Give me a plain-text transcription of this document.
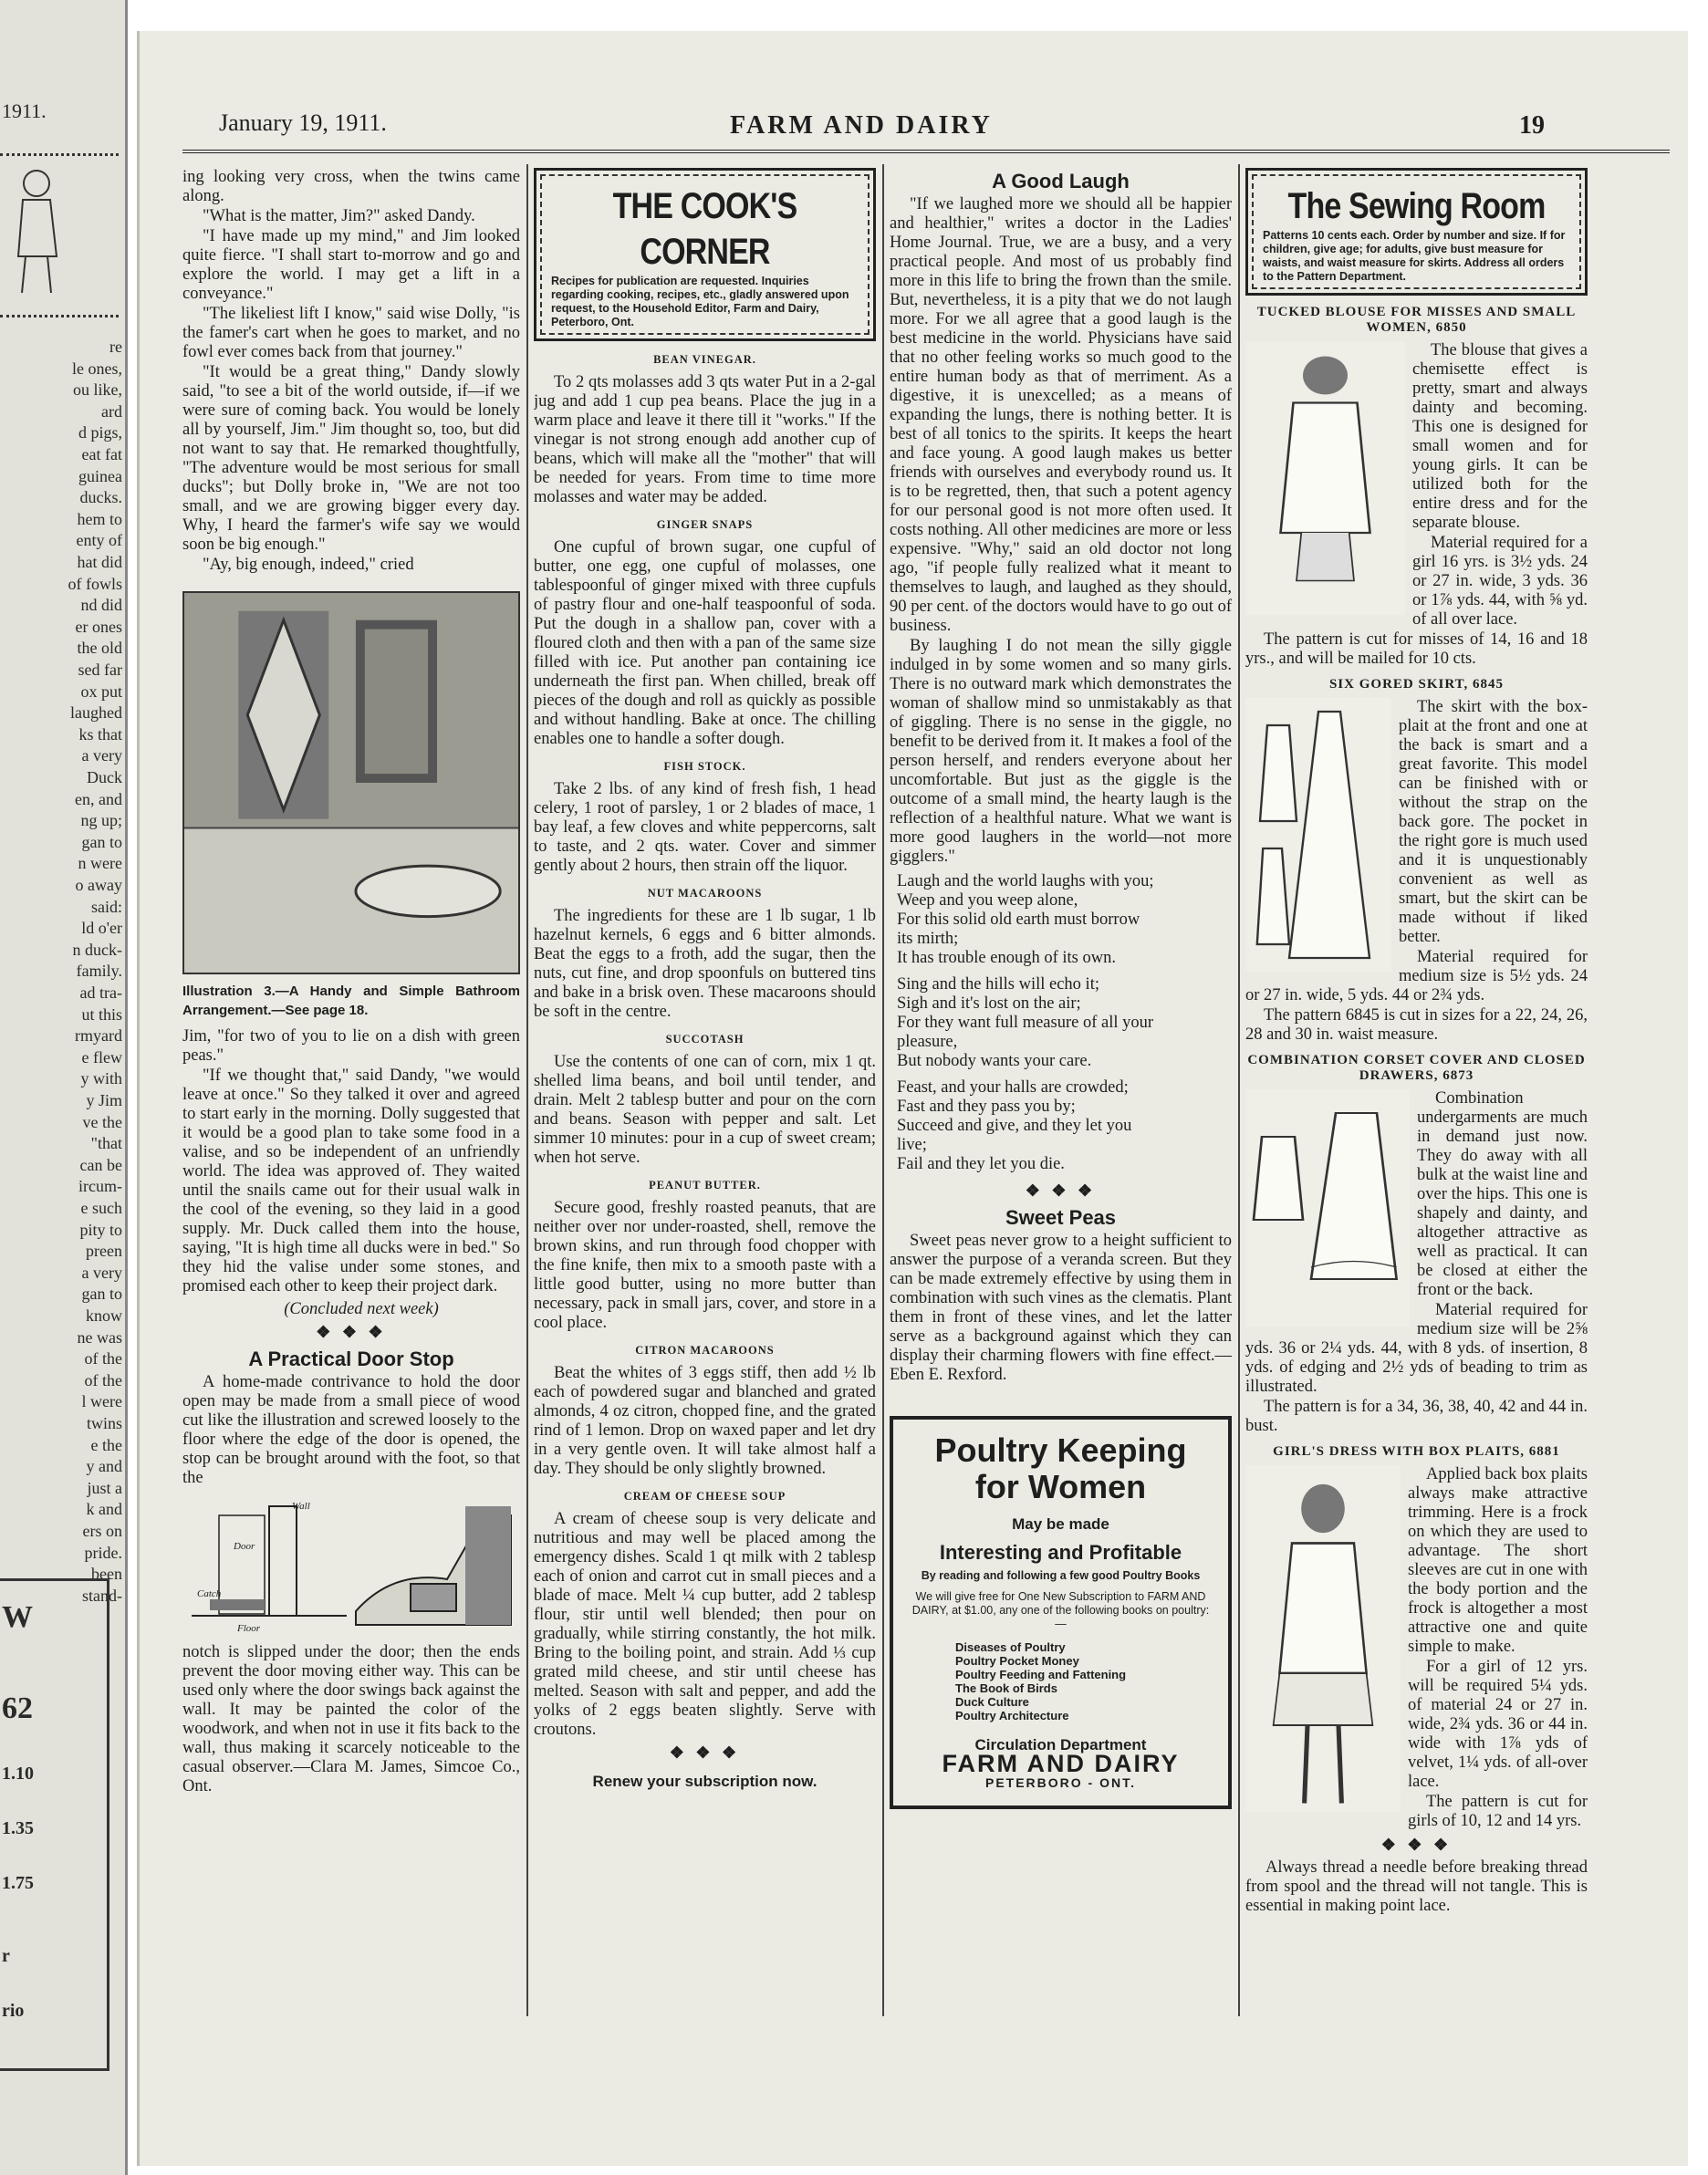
1911.
re
le ones,
ou like,
ard
d pigs,
eat fat
guinea
ducks.
hem to
enty of
hat did
of fowls
nd did
er ones
the old
sed far
ox put
laughed
ks that
a very
Duck
en, and
ng up;
gan to
n were
o away
said:
ld o'er
n duck-
family.
ad tra-
ut this
rmyard
e flew
y with
y Jim
ve the
"that
can be
ircum-
e such
pity to
preen
a very
gan to
know
ne was
of the
of the
l were
twins
e the
y and
just a
k and
ers on
pride.
been
stand-
W
62
1.10
1.35
1.75
r
rio
January 19, 1911.	FARM AND DAIRY	19

ing looking very cross, when the twins came along.

"What is the matter, Jim?" asked Dandy.

"I have made up my mind," and Jim looked quite fierce. "I shall start to-morrow and go and explore the world. I may get a lift in a conveyance."

"The likeliest lift I know," said wise Dolly, "is the famer's cart when he goes to market, and no fowl ever comes back from that journey."

"It would be a great thing," Dandy slowly said, "to see a bit of the world outside, if—if we were sure of coming back. You would be lonely all by yourself, Jim." Jim thought so, too, but did not want to say that. He remarked thoughtfully, "The adventure would be most serious for small ducks"; but Dolly broke in, "We are not too small, and we are growing bigger every day. Why, I heard the farmer's wife say we would soon be big enough."

"Ay, big enough, indeed," cried

Illustration 3.—A Handy and Simple Bathroom Arrangement.—See page 18.

Jim, "for two of you to lie on a dish with green peas."

"If we thought that," said Dandy, "we would leave at once." So they talked it over and agreed to start early in the morning. Dolly suggested that it would be a good plan to take some food in a valise, and so be independent of an unfriendly world. The idea was approved of. They waited until the snails came out for their usual walk in the cool of the evening, so they laid in a good supply. Mr. Duck called them into the house, saying, "It is high time all ducks were in bed." So they hid the valise under some stones, and promised each other to keep their project dark.

(Concluded next week)

❖ ❖ ❖
A Practical Door Stop

A home-made contrivance to hold the door open may be made from a small piece of wood cut like the illustration and screwed loosely to the floor where the edge of the door is opened, the stop can be brought around with the foot, so that the

Wall
Door
Catch
Floor

notch is slipped under the door; then the ends prevent the door moving either way. This can be used only where the door swings back against the wall. It may be painted the color of the woodwork, and when not in use it fits back to the wall, thus making it scarcely noticeable to the casual observer.—Clara M. James, Simcoe Co., Ont.

THE COOK'S CORNER
Recipes for publication are requested. Inquiries regarding cooking, recipes, etc., gladly answered upon request, to the Household Editor, Farm and Dairy, Peterboro, Ont.
BEAN VINEGAR.

To 2 qts molasses add 3 qts water Put in a 2-gal jug and add 1 cup pea beans. Place the jug in a warm place and leave it there till it "works." If the vinegar is not strong enough add another cup of beans, which will make all the "mother" that will be needed for years. From time to time more molasses and water may be added.

GINGER SNAPS

One cupful of brown sugar, one cupful of butter, one egg, one cupful of molasses, one tablespoonful of ginger mixed with three cupfuls of pastry flour and one-half teaspoonful of soda. Put the dough in a shallow pan, cover with a floured cloth and then with a pan of the same size filled with ice. Put another pan containing ice underneath the first pan. When chilled, break off pieces of the dough and roll as quickly as possible and without handling. Bake at once. The chilling enables one to handle a softer dough.

FISH STOCK.

Take 2 lbs. of any kind of fresh fish, 1 head celery, 1 root of parsley, 1 or 2 blades of mace, 1 bay leaf, a few cloves and white peppercorns, salt to taste, and 2 qts. water. Cover and simmer gently about 2 hours, then strain off the liquor.

NUT MACAROONS

The ingredients for these are 1 lb sugar, 1 lb hazelnut kernels, 6 eggs and 6 bitter almonds. Beat the eggs to a froth, add the sugar, then the nuts, cut fine, and drop spoonfuls on buttered tins and bake in a brisk oven. These macaroons should be soft in the centre.

SUCCOTASH

Use the contents of one can of corn, mix 1 qt. shelled lima beans, and boil until tender, and drain. Melt 2 tablesp butter and pour on the corn and beans. Season with pepper and salt. Let simmer 10 minutes: pour in a cup of sweet cream; when hot serve.

PEANUT BUTTER.

Secure good, freshly roasted peanuts, that are neither over nor under-roasted, shell, remove the brown skins, and run through food chopper with the fine knife, then mix to a smooth paste with a little good butter, using no more butter than necessary, pack in small jars, cover, and store in a cool place.

CITRON MACAROONS

Beat the whites of 3 eggs stiff, then add ½ lb each of powdered sugar and blanched and grated almonds, 4 oz citron, chopped fine, and the grated rind of 1 lemon. Drop on waxed paper and let dry in a very gentle oven. It will take almost half a day. They should be only slightly browned.

CREAM OF CHEESE SOUP

A cream of cheese soup is very delicate and nutritious and may well be placed among the emergency dishes. Scald 1 qt milk with 2 tablesp each of onion and carrot cut in small pieces and a blade of mace. Melt ¼ cup butter, add 2 tablesp flour, stir until well blended; then pour on gradually, while stirring constantly, the hot milk. Bring to the boiling point, and strain. Add ⅓ cup grated mild cheese, and stir until cheese has melted. Season with salt and pepper, and add the yolks of 2 eggs beaten slightly. Serve with croutons.

❖ ❖ ❖
Renew your subscription now.
A Good Laugh

"If we laughed more we should all be happier and healthier," writes a doctor in the Ladies' Home Journal. True, we are a busy, and a very practical people. And most of us probably find more in this life to bring the frown than the smile. But, nevertheless, it is a pity that we do not laugh more. For we all agree that a good laugh is the best medicine in the world. Physicians have said that no other feeling works so much good to the entire human body as that of merriment. As a digestive, it is unexcelled; as a means of expanding the lungs, there is nothing better. It is best of all tonics to the spirits. It keeps the heart and face young. A good laugh makes us better friends with ourselves and everybody round us. It is to be regretted, then, that such a potent agency for our personal good is not more often used. It costs nothing. All other medicines are more or less expensive. "Why," said an old doctor not long ago, "if people fully realized what it meant to themselves to laugh, and laughed as they should, 90 per cent. of the doctors would have to go out of business.

By laughing I do not mean the silly giggle indulged in by some women and so many girls. There is no outward mark which demonstrates the woman of shallow mind so unmistakably as that of giggling. There is no sense in the giggle, no benefit to be derived from it. It makes a fool of the person herself, and renders everyone about her uncomfortable. But just as the giggle is the outcome of a small mind, the hearty laugh is the reflection of a healthful nature. What we want is more good laughers in the world—not more gigglers."

Laugh and the world laughs with you;
Weep and you weep alone,
For this solid old earth must borrow
its mirth;
It has trouble enough of its own.
Sing and the hills will echo it;
Sigh and it's lost on the air;
For they want full measure of all your
pleasure,
But nobody wants your care.
Feast, and your halls are crowded;
Fast and they pass you by;
Succeed and give, and they let you
live;
Fail and they let you die.
❖ ❖ ❖
Sweet Peas

Sweet peas never grow to a height sufficient to answer the purpose of a veranda screen. But they can be made extremely effective by using them in combination with such vines as the clematis. Plant them in front of these vines, and let the latter serve as a background against which they can display their charming flowers with fine effect.—Eben E. Rexford.

Poultry Keeping for Women
May be made
Interesting and Profitable
By reading and following a few good Poultry Books
We will give free for One New Subscription to FARM AND DAIRY, at $1.00, any one of the following books on poultry:—
Diseases of Poultry
Poultry Pocket Money
Poultry Feeding and Fattening
The Book of Birds
Duck Culture
Poultry Architecture
Circulation Department
FARM AND DAIRY
PETERBORO - ONT.
The Sewing Room
Patterns 10 cents each. Order by number and size. If for children, give age; for adults, give bust measure for waists, and waist measure for skirts. Address all orders to the Pattern Department.
TUCKED BLOUSE FOR MISSES AND SMALL WOMEN, 6850

The blouse that gives a chemisette effect is pretty, smart and always dainty and becoming. This one is designed for small women and for young girls. It can be utilized both for the entire dress and for the separate blouse.

Material required for a girl 16 yrs. is 3½ yds. 24 or 27 in. wide, 3 yds. 36 or 1⅞ yds. 44, with ⅝ yd. of all over lace.

The pattern is cut for misses of 14, 16 and 18 yrs., and will be mailed for 10 cts.

SIX GORED SKIRT, 6845

The skirt with the box-plait at the front and one at the back is smart and a great favorite. This model can be finished with or without the strap on the back gore. The pocket in the right gore is much used and it is unquestionably convenient as well as smart, but the skirt can be made without if liked better.

Material required for medium size is 5½ yds. 24 or 27 in. wide, 5 yds. 44 or 2¾ yds.

The pattern 6845 is cut in sizes for a 22, 24, 26, 28 and 30 in. waist measure.

COMBINATION CORSET COVER AND CLOSED DRAWERS, 6873

Combination undergarments are much in demand just now. They do away with all bulk at the waist line and over the hips. This one is shapely and dainty, and altogether attractive as well as practical. It can be closed at either the front or the back.

Material required for medium size will be 2⅝ yds. 36 or 2¼ yds. 44, with 8 yds. of insertion, 8 yds. of edging and 2½ yds of beading to trim as illustrated.

The pattern is for a 34, 36, 38, 40, 42 and 44 in. bust.

GIRL'S DRESS WITH BOX PLAITS, 6881

Applied back box plaits always make attractive trimming. Here is a frock on which they are used to advantage. The short sleeves are cut in one with the body portion and the frock is altogether a most attractive one and quite simple to make.

For a girl of 12 yrs. will be required 5¼ yds. of material 24 or 27 in. wide, 2¾ yds. 36 or 44 in. wide with 1⅞ yds of velvet, 1¼ yds. of all-over lace.

The pattern is cut for girls of 10, 12 and 14 yrs.

❖ ❖ ❖

Always thread a needle before breaking thread from spool and the thread will not tangle. This is essential in making point lace.
